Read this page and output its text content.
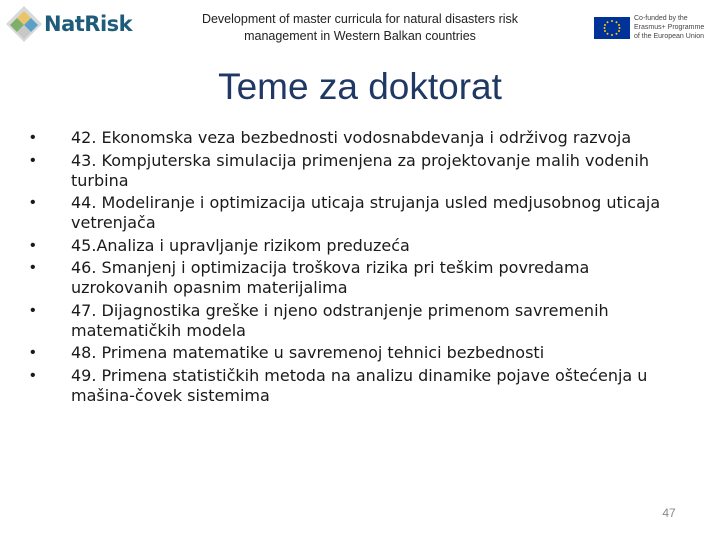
NatRisk	Development of master curricula for natural disasters risk
management in Western Balkan countries
Co-funded by the
Erasmus+ Programme
of the European Union
Teme za doktorat
•	42. Ekonomska veza bezbednosti vodosnabdevanja i održivog razvoja
•	43. Kompjuterska simulacija primenjena za projektovanje malih vodenih turbina
•	44. Modeliranje i optimizacija uticaja strujanja usled medjusobnog uticaja vetrenjača
•	45.Analiza i upravljanje rizikom preduzeća
•	46. Smanjenj i optimizacija troškova rizika pri teškim povredama uzrokovanih opasnim materijalima
•	47. Dijagnostika greške i njeno odstranjenje primenom savremenih matematičkih modela
•	48. Primena matematike u savremenoj tehnici bezbednosti
•	49. Primena statističkih metoda na analizu dinamike pojave oštećenja u mašina-čovek sistemima
47
